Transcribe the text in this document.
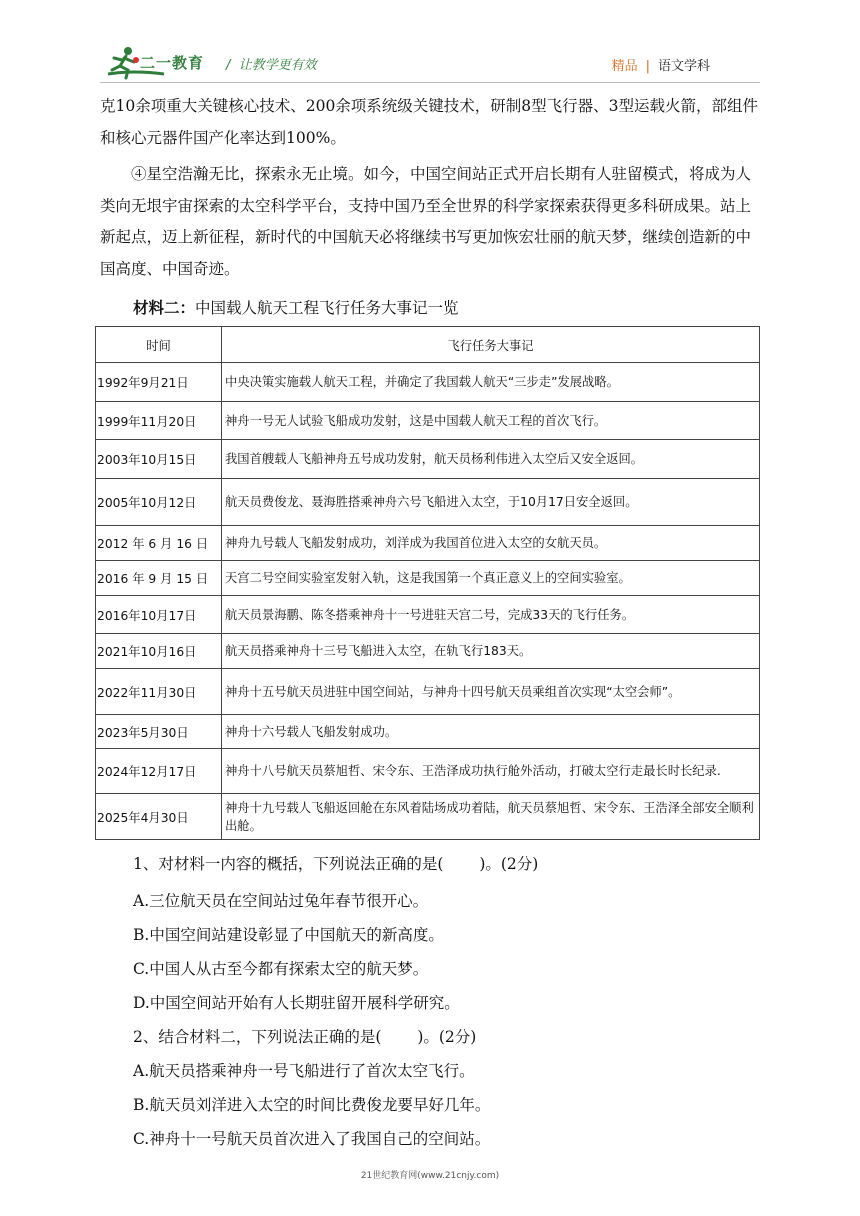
二一教育 /  让教学更有效	精品 | 语文学科

克10余项重大关键核心技术、200余项系统级关键技术，研制8型飞行器、3型运载火箭，部组件和核心元器件国产化率达到100%。

④星空浩瀚无比，探索永无止境。如今，中国空间站正式开启长期有人驻留模式，将成为人类向无垠宇宙探索的太空科学平台，支持中国乃至全世界的科学家探索获得更多科研成果。站上新起点，迈上新征程，新时代的中国航天必将继续书写更加恢宏壮丽的航天梦，继续创造新的中国高度、中国奇迹。

材料二：中国载人航天工程飞行任务大事记一览
时间	飞行任务大事记
1992年9月21日	中央决策实施载人航天工程，并确定了我国载人航天“三步走”发展战略。
1999年11月20日	神舟一号无人试验飞船成功发射，这是中国载人航天工程的首次飞行。
2003年10月15日	我国首艘载人飞船神舟五号成功发射，航天员杨利伟进入太空后又安全返回。
2005年10月12日	航天员费俊龙、聂海胜搭乘神舟六号飞船进入太空，于10月17日安全返回。
2012 年 6 月 16 日	神舟九号载人飞船发射成功，刘洋成为我国首位进入太空的女航天员。
2016 年 9 月 15 日	天宫二号空间实验室发射入轨，这是我国第一个真正意义上的空间实验室。
2016年10月17日	航天员景海鹏、陈冬搭乘神舟十一号进驻天宫二号，完成33天的飞行任务。
2021年10月16日	航天员搭乘神舟十三号飞船进入太空，在轨飞行183天。
2022年11月30日	神舟十五号航天员进驻中国空间站，与神舟十四号航天员乘组首次实现“太空会师”。
2023年5月30日	神舟十六号载人飞船发射成功。
2024年12月17日	神舟十八号航天员蔡旭哲、宋令东、王浩泽成功执行舱外活动，打破太空行走最长时长纪录.
2025年4月30日	神舟十九号载人飞船返回舱在东风着陆场成功着陆，航天员蔡旭哲、宋令东、王浩泽全部安全顺利出舱。

1、对材料一内容的概括，下列说法正确的是(　　 )。(2分)

A.三位航天员在空间站过兔年春节很开心。

B.中国空间站建设彰显了中国航天的新高度。

C.中国人从古至今都有探索太空的航天梦。

D.中国空间站开始有人长期驻留开展科学研究。

2、结合材料二，下列说法正确的是(　　 )。(2分)

A.航天员搭乘神舟一号飞船进行了首次太空飞行。

B.航天员刘洋进入太空的时间比费俊龙要早好几年。

C.神舟十一号航天员首次进入了我国自己的空间站。

21世纪教育网(www.21cnjy.com)
